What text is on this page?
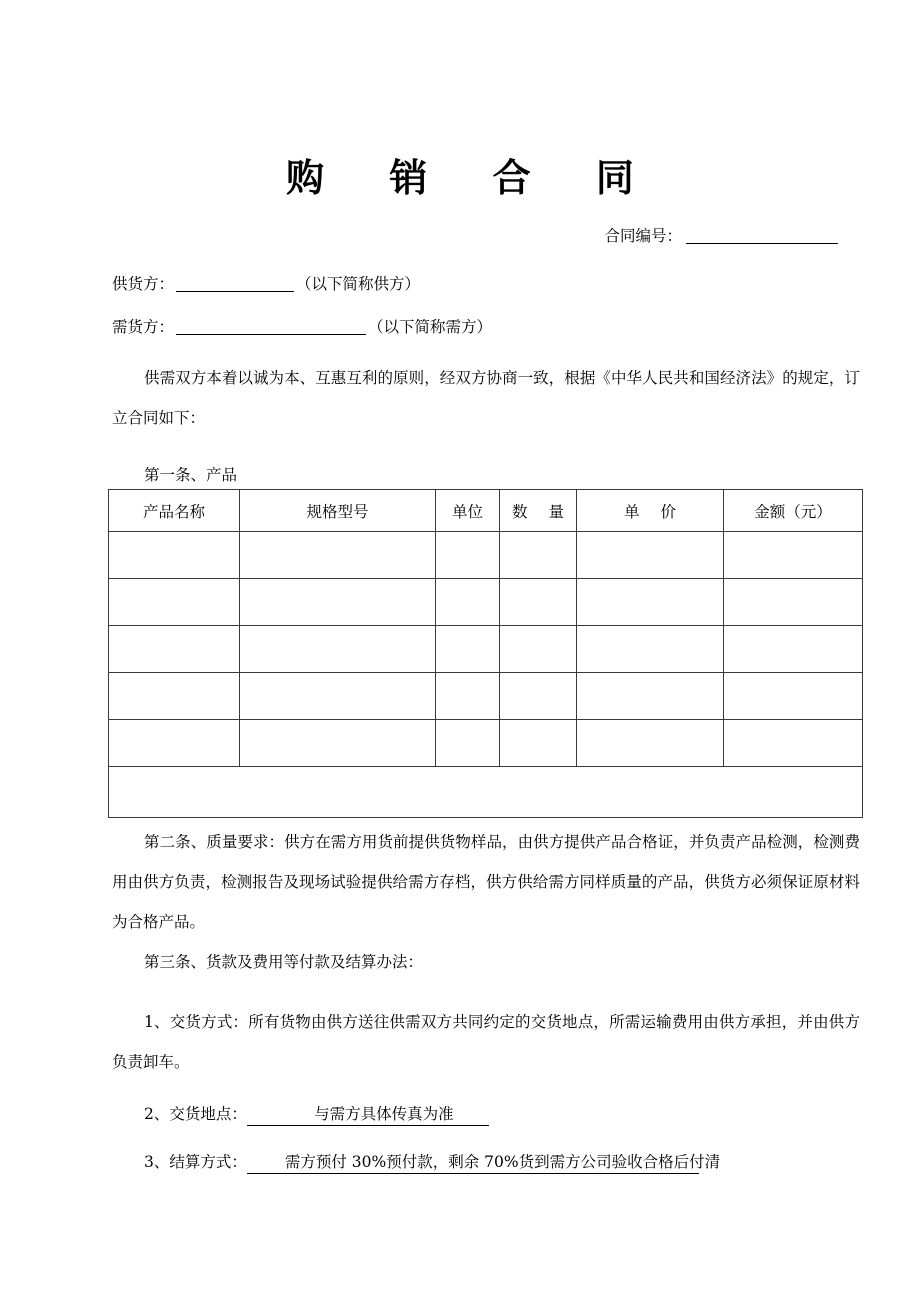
购 销 合 同
合同编号：
供货方：	（以下简称供方）
需货方：	（以下简称需方）
供需双方本着以诚为本、互惠互利的原则，经双方协商一致，根据《中华人民共和国经济法》的规定，订立合同如下：
第一条、产品
产品名称	规格型号	单位	数 量	单 价	金额（元）

第二条、质量要求：供方在需方用货前提供货物样品，由供方提供产品合格证，并负责产品检测，检测费用由供方负责，检测报告及现场试验提供给需方存档，供方供给需方同样质量的产品，供货方必须保证原材料为合格产品。
第三条、货款及费用等付款及结算办法：
1、交货方式：所有货物由供方送往供需双方共同约定的交货地点，所需运输费用由供方承担，并由供方负责卸车。
2、交货地点：	与需方具体传真为准
3、结算方式： 需方预付 30%预付款，剩余 70%货到需方公司验收合格后付清
